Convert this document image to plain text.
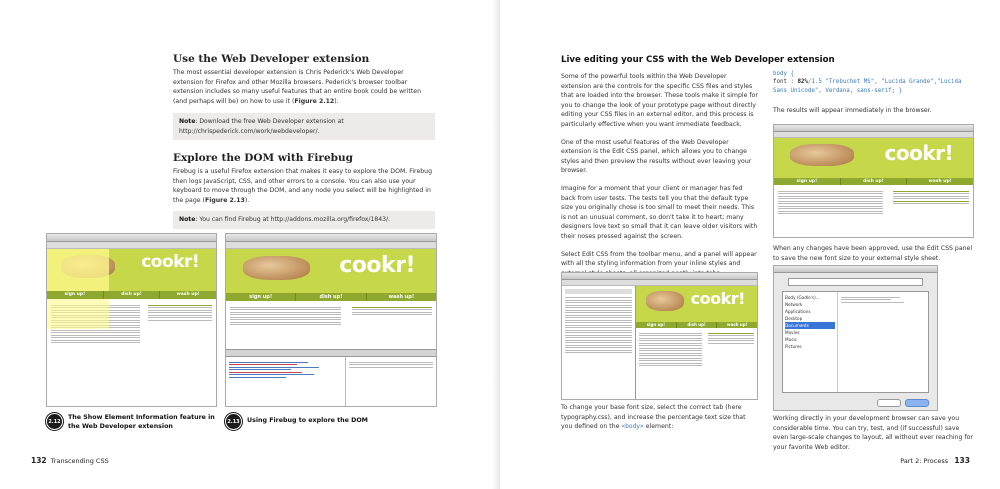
Use the Web Developer extension

The most essential developer extension is Chris Pederick's Web Developer extension for Firefox and other Mozilla browsers. Pederick's browser toolbar extension includes so many useful features that an entire book could be written (and perhaps will be) on how to use it (Figure 2.12).

Note: Download the free Web Developer extension at http://chrispederick.com/work/webdeveloper/.
Explore the DOM with Firebug

Firebug is a useful Firefox extension that makes it easy to explore the DOM. Firebug then logs JavaScript, CSS, and other errors to a console. You can also use your keyboard to move through the DOM, and any node you select will be highlighted in the page (Figure 2.13).

Note: You can find Firebug at http://addons.mozilla.org/firefox/1843/.
cookr!
sign up!	dish up!	wash up!
cookr!
sign up!	dish up!	wash up!
2.12
The Show Element Information feature in the Web Developer extension
2.13	Using Firebug to explore the DOM
132 Transcending CSS
Live editing your CSS with the Web Developer extension

Some of the powerful tools within the Web Developer extension are the controls for the specific CSS files and styles that are loaded into the browser. These tools make it simple for you to change the look of your prototype page without directly editing your CSS files in an external editor, and this process is particularly effective when you want immediate feedback.

One of the most useful features of the Web Developer extension is the Edit CSS panel, which allows you to change styles and then preview the results without ever leaving your browser.

Imagine for a moment that your client or manager has fed back from user tests. The tests tell you that the default type size you originally chose is too small to meet their needs. This is not an unusual comment, so don't take it to heart; many designers love text so small that it can leave older visitors with their noses pressed against the screen.

Select Edit CSS from the toolbar menu, and a panel will appear with all the styling information from your inline styles and

cookr!
sign up!	dish up!	wash up!

To change your base font size, select the correct tab (here typography.css), and increase the percentage text size that you defined on the <body> element:

body {
font : 82%/1.5 "Trebuchet MS", "Lucida Grande","Lucida Sans Unicode", Verdana, sans-serif; }

The results will appear immediately in the browser.

cookr!
sign up!	dish up!	wash up!

When any changes have been approved, use the Edit CSS panel to save the new font size to your external style sheet.

Body (Gadle's)...
Network
Applications
Desktop
Documents
Movies
Music
Pictures

Working directly in your development browser can save you considerable time. You can try, test, and (if successful) save even large-scale changes to layout, all without ever reaching for your favorite Web editor.

Part 2: Process 133
